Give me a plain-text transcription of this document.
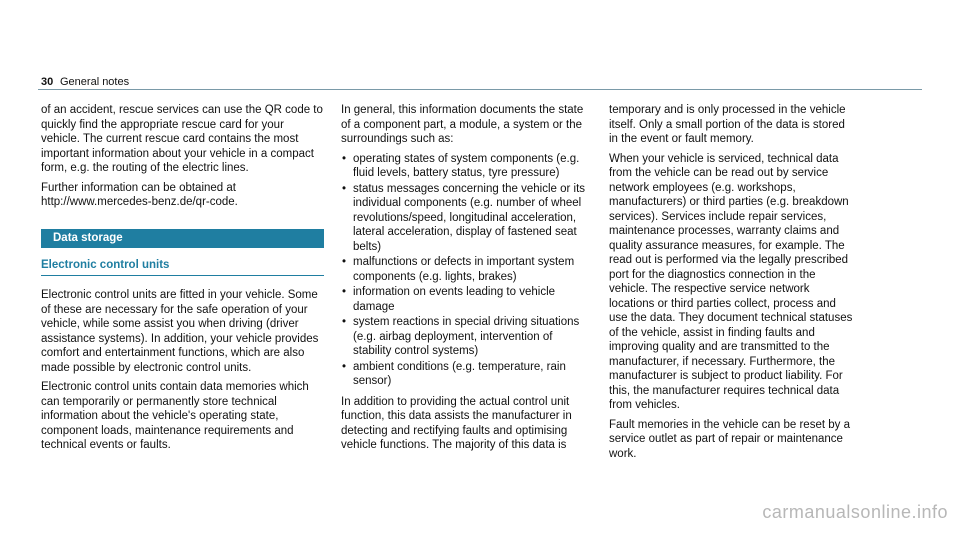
30 General notes

of an accident, rescue services can use the QR code to quickly find the appropriate rescue card for your vehicle. The current rescue card contains the most important information about your vehicle in a compact form, e.g. the routing of the electric lines.

Further information can be obtained at http://www.mercedes-benz.de/qr-code.

Data storage
Electronic control units

Electronic control units are fitted in your vehicle. Some of these are necessary for the safe operation of your vehicle, while some assist you when driving (driver assistance systems). In addition, your vehicle provides comfort and entertainment functions, which are also made possible by electronic control units.

Electronic control units contain data memories which can temporarily or permanently store technical information about the vehicle's operating state, component loads, maintenance requirements and technical events or faults.

In general, this information documents the state of a component part, a module, a system or the surroundings such as:

• operating states of system components (e.g. fluid levels, battery status, tyre pressure)
• status messages concerning the vehicle or its individual components (e.g. number of wheel revolutions/speed, longitudinal acceleration, lateral acceleration, display of fastened seat belts)
• malfunctions or defects in important system components (e.g. lights, brakes)
• information on events leading to vehicle damage
• system reactions in special driving situations (e.g. airbag deployment, intervention of stability control systems)
• ambient conditions (e.g. temperature, rain sensor)

In addition to providing the actual control unit function, this data assists the manufacturer in detecting and rectifying faults and optimising vehicle functions. The majority of this data is

temporary and is only processed in the vehicle itself. Only a small portion of the data is stored in the event or fault memory.

When your vehicle is serviced, technical data from the vehicle can be read out by service network employees (e.g. workshops, manufacturers) or third parties (e.g. breakdown services). Services include repair services, maintenance processes, warranty claims and quality assurance measures, for example. The read out is performed via the legally prescribed port for the diagnostics connection in the vehicle. The respective service network locations or third parties collect, process and use the data. They document technical statuses of the vehicle, assist in finding faults and improving quality and are transmitted to the manufacturer, if necessary. Furthermore, the manufacturer is subject to product liability. For this, the manufacturer requires technical data from vehicles.

Fault memories in the vehicle can be reset by a service outlet as part of repair or maintenance work.

carmanualsonline.info
